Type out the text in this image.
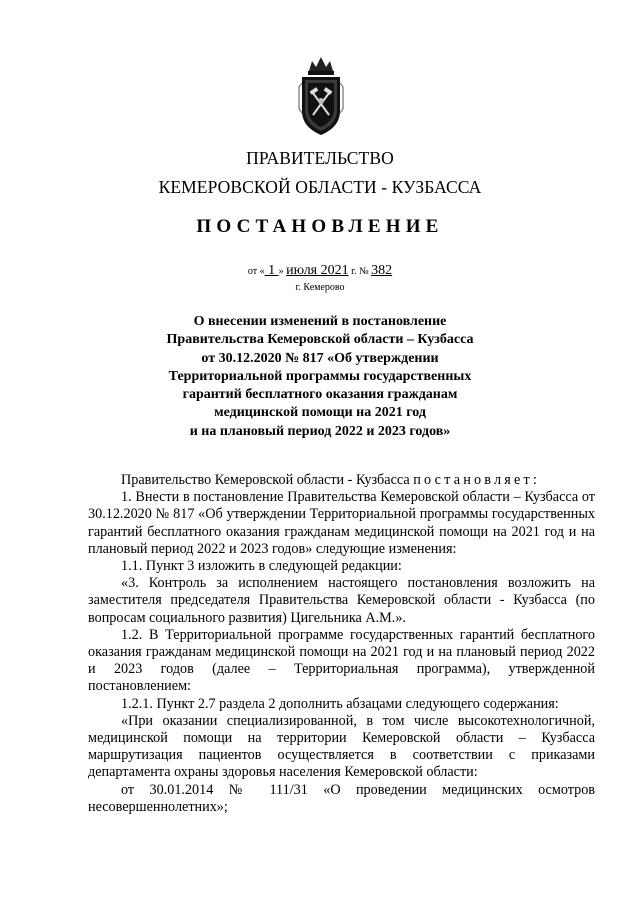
ПРАВИТЕЛЬСТВО
КЕМЕРОВСКОЙ ОБЛАСТИ - КУЗБАССА
ПОСТАНОВЛЕНИЕ
от « 1 » июля 2021 г. № 382
г. Кемерово
О внесении изменений в постановление
Правительства Кемеровской области – Кузбасса
от 30.12.2020 № 817 «Об утверждении
Территориальной программы государственных
гарантий бесплатного оказания гражданам
медицинской помощи на 2021 год
и на плановый период 2022 и 2023 годов»

Правительство Кемеровской области - Кузбасса постановляет:

1. Внести в постановление Правительства Кемеровской области – Кузбасса от 30.12.2020 № 817 «Об утверждении Территориальной программы государственных гарантий бесплатного оказания гражданам медицинской помощи на 2021 год и на плановый период 2022 и 2023 годов» следующие изменения:

1.1. Пункт 3 изложить в следующей редакции:

«3. Контроль за исполнением настоящего постановления возложить на заместителя председателя Правительства Кемеровской области - Кузбасса (по вопросам социального развития) Цигельника А.М.».

1.2. В Территориальной программе государственных гарантий бесплатного оказания гражданам медицинской помощи на 2021 год и на плановый период 2022 и 2023 годов (далее – Территориальная программа), утвержденной постановлением:

1.2.1. Пункт 2.7 раздела 2 дополнить абзацами следующего содержания:

«При оказании специализированной, в том числе высокотехнологичной, медицинской помощи на территории Кемеровской области – Кузбасса маршрутизация пациентов осуществляется в соответствии с приказами департамента охраны здоровья населения Кемеровской области:

от 30.01.2014 № 111/31 «О проведении медицинских осмотров несовершеннолетних»;
